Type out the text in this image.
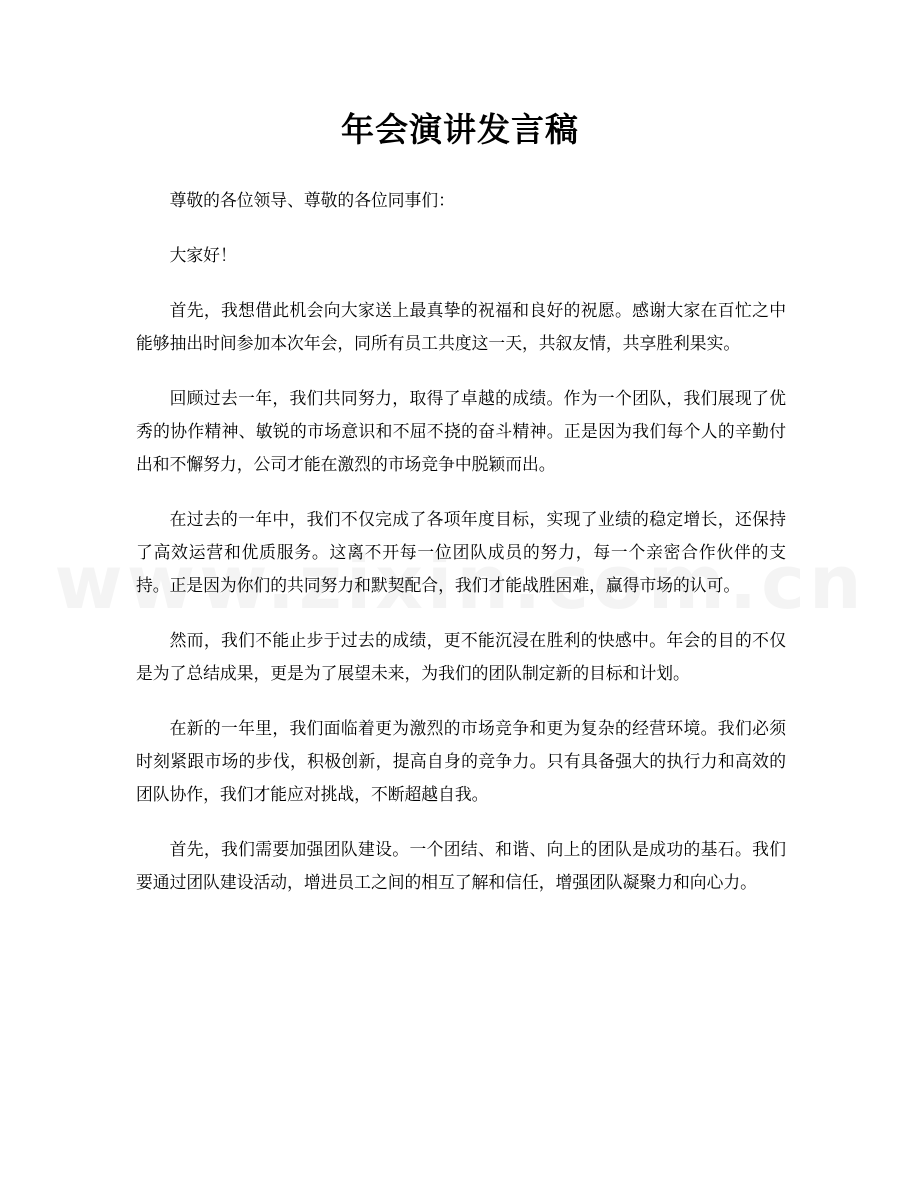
年会演讲发言稿

尊敬的各位领导、尊敬的各位同事们：

大家好！

首先，我想借此机会向大家送上最真挚的祝福和良好的祝愿。感谢大家在百忙之中能够抽出时间参加本次年会，同所有员工共度这一天，共叙友情，共享胜利果实。

回顾过去一年，我们共同努力，取得了卓越的成绩。作为一个团队，我们展现了优秀的协作精神、敏锐的市场意识和不屈不挠的奋斗精神。正是因为我们每个人的辛勤付出和不懈努力，公司才能在激烈的市场竞争中脱颖而出。

在过去的一年中，我们不仅完成了各项年度目标，实现了业绩的稳定增长，还保持了高效运营和优质服务。这离不开每一位团队成员的努力，每一个亲密合作伙伴的支持。正是因为你们的共同努力和默契配合，我们才能战胜困难，赢得市场的认可。

然而，我们不能止步于过去的成绩，更不能沉浸在胜利的快感中。年会的目的不仅是为了总结成果，更是为了展望未来，为我们的团队制定新的目标和计划。

在新的一年里，我们面临着更为激烈的市场竞争和更为复杂的经营环境。我们必须时刻紧跟市场的步伐，积极创新，提高自身的竞争力。只有具备强大的执行力和高效的团队协作，我们才能应对挑战，不断超越自我。

首先，我们需要加强团队建设。一个团结、和谐、向上的团队是成功的基石。我们要通过团队建设活动，增进员工之间的相互了解和信任，增强团队凝聚力和向心力。
